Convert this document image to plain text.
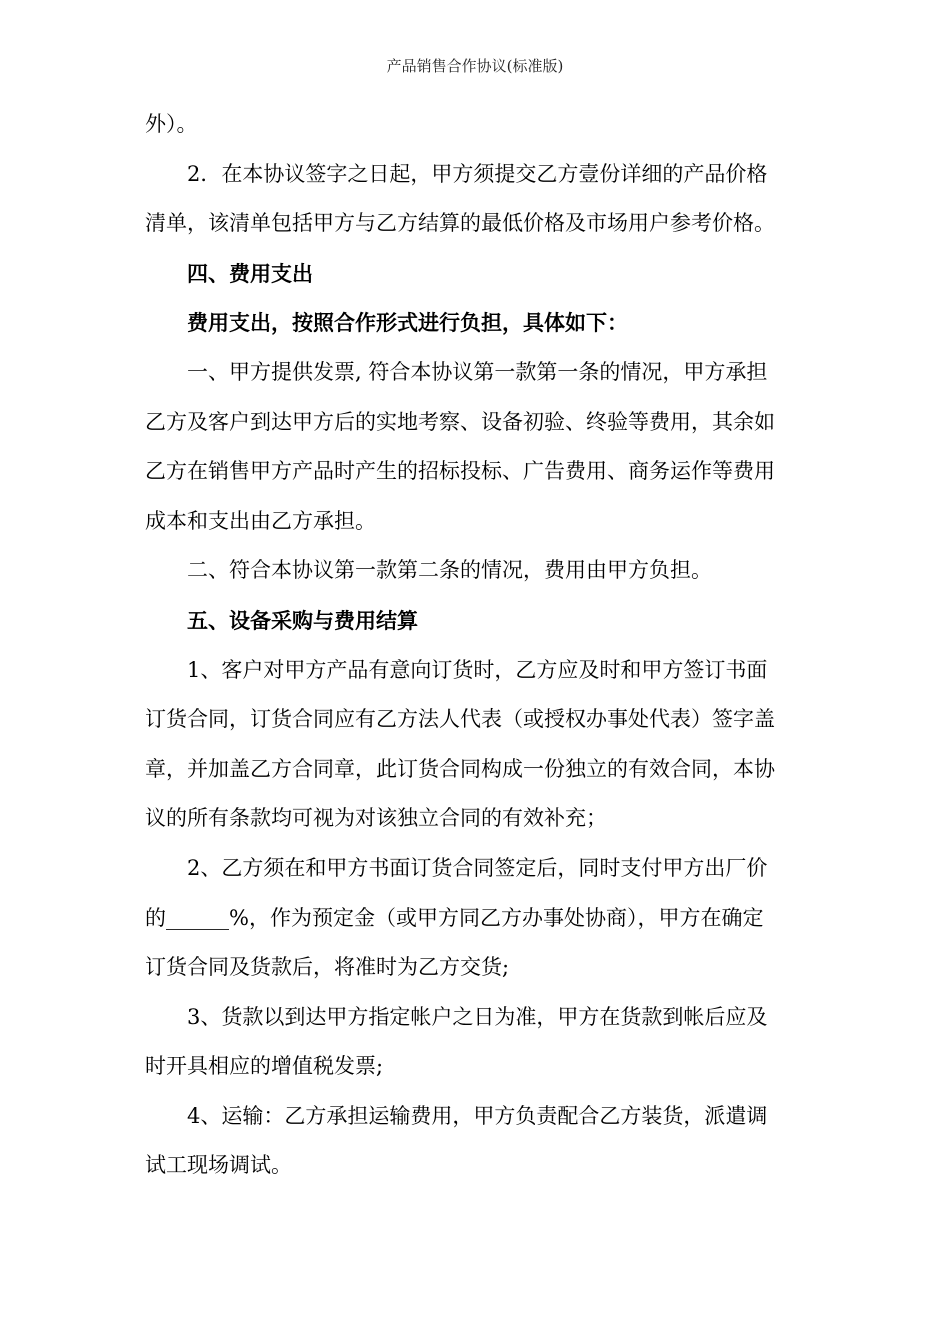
产品销售合作协议(标准版)
外）。
2．在本协议签字之日起，甲方须提交乙方壹份详细的产品价格
清单，该清单包括甲方与乙方结算的最低价格及市场用户参考价格。
四、费用支出
费用支出，按照合作形式进行负担，具体如下：
一、甲方提供发票, 符合本协议第一款第一条的情况，甲方承担
乙方及客户到达甲方后的实地考察、设备初验、终验等费用，其余如
乙方在销售甲方产品时产生的招标投标、广告费用、商务运作等费用
成本和支出由乙方承担。
二、符合本协议第一款第二条的情况，费用由甲方负担。
五、设备采购与费用结算
1、客户对甲方产品有意向订货时，乙方应及时和甲方签订书面
订货合同，订货合同应有乙方法人代表（或授权办事处代表）签字盖
章，并加盖乙方合同章，此订货合同构成一份独立的有效合同，本协
议的所有条款均可视为对该独立合同的有效补充；
2、乙方须在和甲方书面订货合同签定后，同时支付甲方出厂价
的______%，作为预定金（或甲方同乙方办事处协商），甲方在确定
订货合同及货款后，将准时为乙方交货;
3、货款以到达甲方指定帐户之日为准，甲方在货款到帐后应及
时开具相应的增值税发票;
4、运输：乙方承担运输费用，甲方负责配合乙方装货，派遣调
试工现场调试。
